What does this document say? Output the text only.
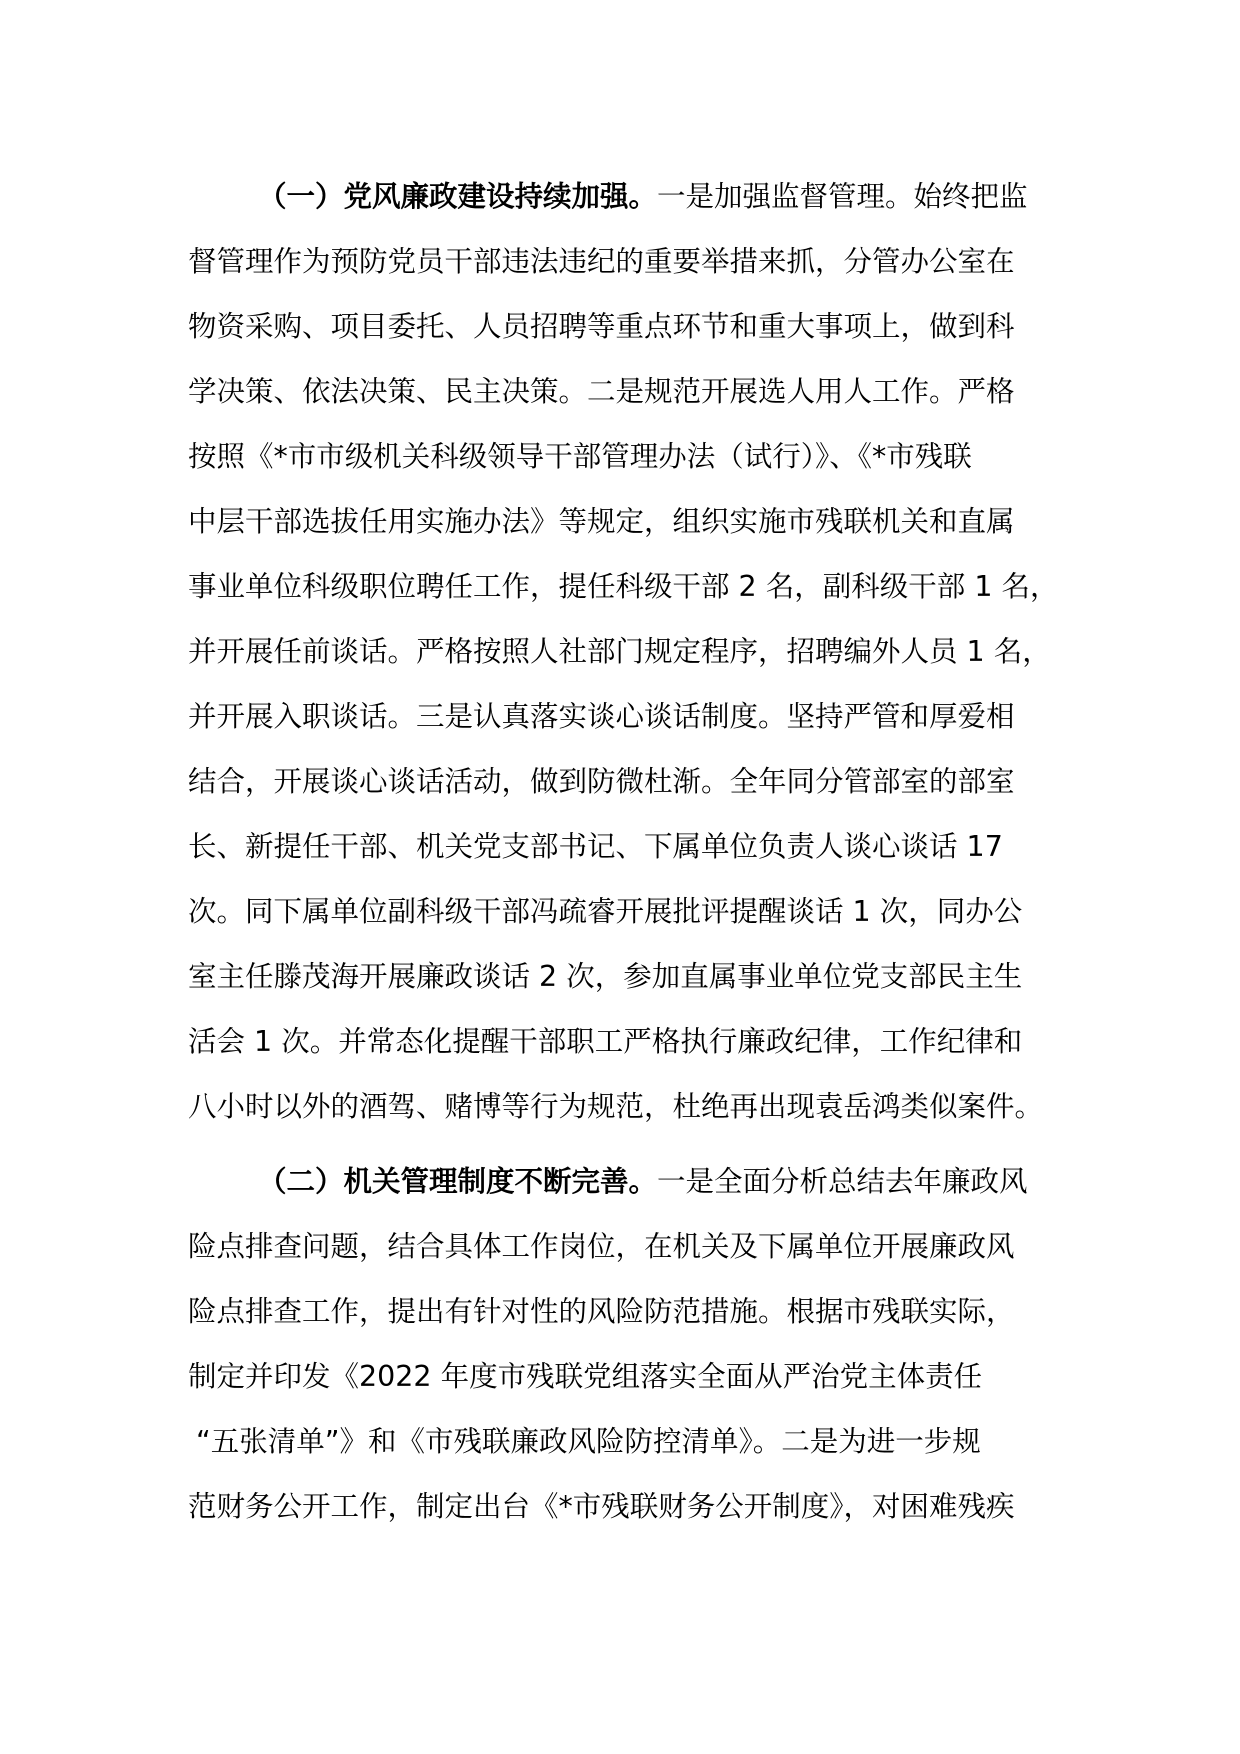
（一）党风廉政建设持续加强。一是加强监督管理。始终把监
督管理作为预防党员干部违法违纪的重要举措来抓，分管办公室在
物资采购、项目委托、人员招聘等重点环节和重大事项上，做到科
学决策、依法决策、民主决策。二是规范开展选人用人工作。严格
按照《*市市级机关科级领导干部管理办法（试行）》、《*市残联
中层干部选拔任用实施办法》等规定，组织实施市残联机关和直属
事业单位科级职位聘任工作，提任科级干部 2 名，副科级干部 1 名，
并开展任前谈话。严格按照人社部门规定程序，招聘编外人员 1 名，
并开展入职谈话。三是认真落实谈心谈话制度。坚持严管和厚爱相
结合，开展谈心谈话活动，做到防微杜渐。全年同分管部室的部室
长、新提任干部、机关党支部书记、下属单位负责人谈心谈话 17
次。同下属单位副科级干部冯疏睿开展批评提醒谈话 1 次，同办公
室主任滕茂海开展廉政谈话 2 次，参加直属事业单位党支部民主生
活会 1 次。并常态化提醒干部职工严格执行廉政纪律，工作纪律和
八小时以外的酒驾、赌博等行为规范，杜绝再出现袁岳鸿类似案件。

（二）机关管理制度不断完善。一是全面分析总结去年廉政风
险点排查问题，结合具体工作岗位，在机关及下属单位开展廉政风
险点排查工作，提出有针对性的风险防范措施。根据市残联实际，
制定并印发《2022 年度市残联党组落实全面从严治党主体责任
“五张清单”》和《市残联廉政风险防控清单》。二是为进一步规
范财务公开工作，制定出台《*市残联财务公开制度》，对困难残疾
